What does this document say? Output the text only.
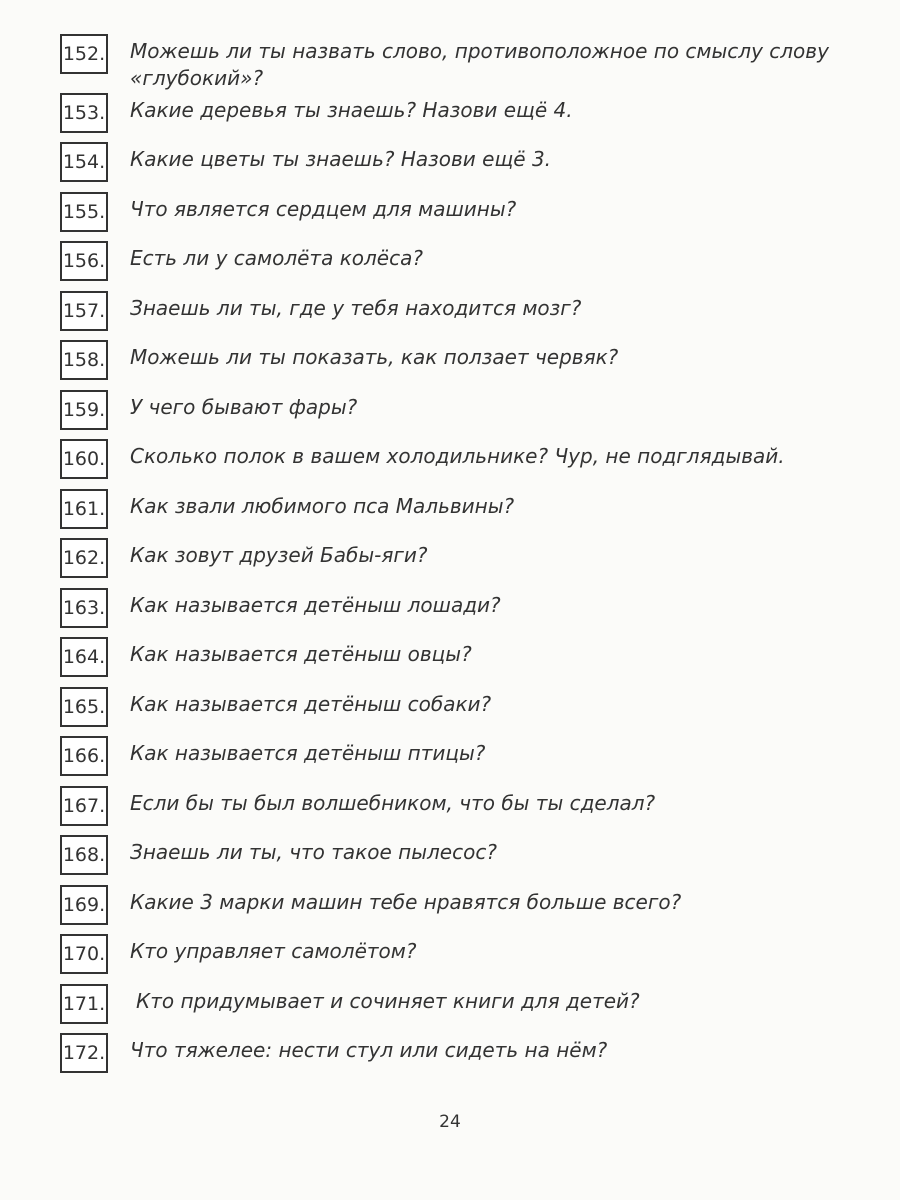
152. Можешь ли ты назвать слово, противоположное по смыслу слову «глубокий»?
153. Какие деревья ты знаешь? Назови ещё 4.
154. Какие цветы ты знаешь? Назови ещё 3.
155. Что является сердцем для машины?
156. Есть ли у самолёта колёса?
157. Знаешь ли ты, где у тебя находится мозг?
158. Можешь ли ты показать, как ползает червяк?
159. У чего бывают фары?
160. Сколько полок в вашем холодильнике? Чур, не подглядывай.
161. Как звали любимого пса Мальвины?
162. Как зовут друзей Бабы-яги?
163. Как называется детёныш лошади?
164. Как называется детёныш овцы?
165. Как называется детёныш собаки?
166. Как называется детёныш птицы?
167. Если бы ты был волшебником, что бы ты сделал?
168. Знаешь ли ты, что такое пылесос?
169. Какие 3 марки машин тебе нравятся больше всего?
170. Кто управляет самолётом?
171. Кто придумывает и сочиняет книги для детей?
172. Что тяжелее: нести стул или сидеть на нём?
24
